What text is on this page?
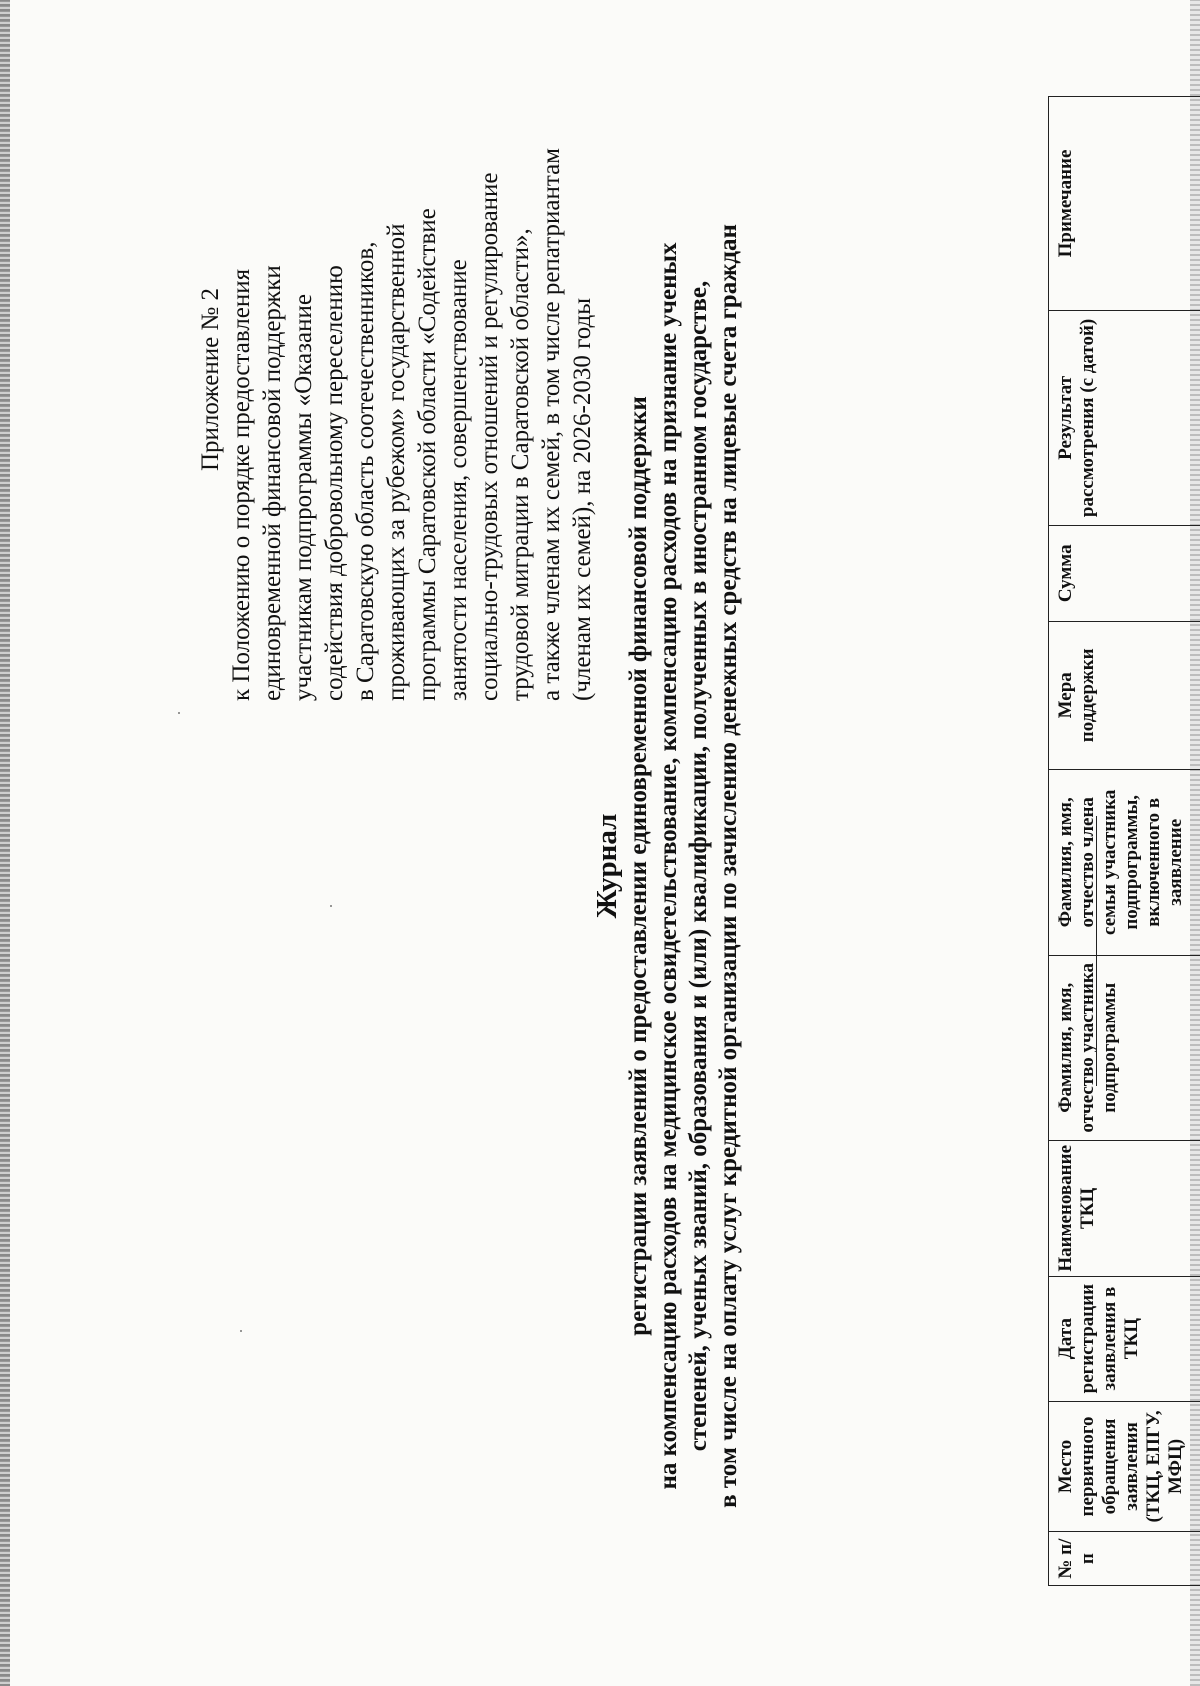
Приложение № 2 к Положению о порядке предоставления единовременной финансовой поддержки участникам подпрограммы «Оказание содействия добровольному переселению в Саратовскую область соотечественников, проживающих за рубежом» государственной программы Саратовской области «Содействие занятости населения, совершенствование социально-трудовых отношений и регулирование трудовой миграции в Саратовской области», а также членам их семей, в том числе репатриантам (членам их семей), на 2026-2030 годы
Журнал регистрации заявлений о предоставлении единовременной финансовой поддержки на компенсацию расходов на медицинское освидетельствование, компенсацию расходов на признание ученых степеней, ученых званий, образования и (или) квалификации, полученных в иностранном государстве, в том числе на оплату услуг кредитной организации по зачислению денежных средств на лицевые счета граждан
№ п/п	Место первичного обращения заявления (ТКЦ, ЕПГУ, МФЦ)	Дата регистрации заявления в ТКЦ	Наименование ТКЦ	Фамилия, имя, отчество участника подпрограммы	Фамилия, имя, отчество члена семьи участника подпрограммы, включенного в заявление	Мера поддержки	Сумма	Результат рассмотрения (с датой)	Примечание
